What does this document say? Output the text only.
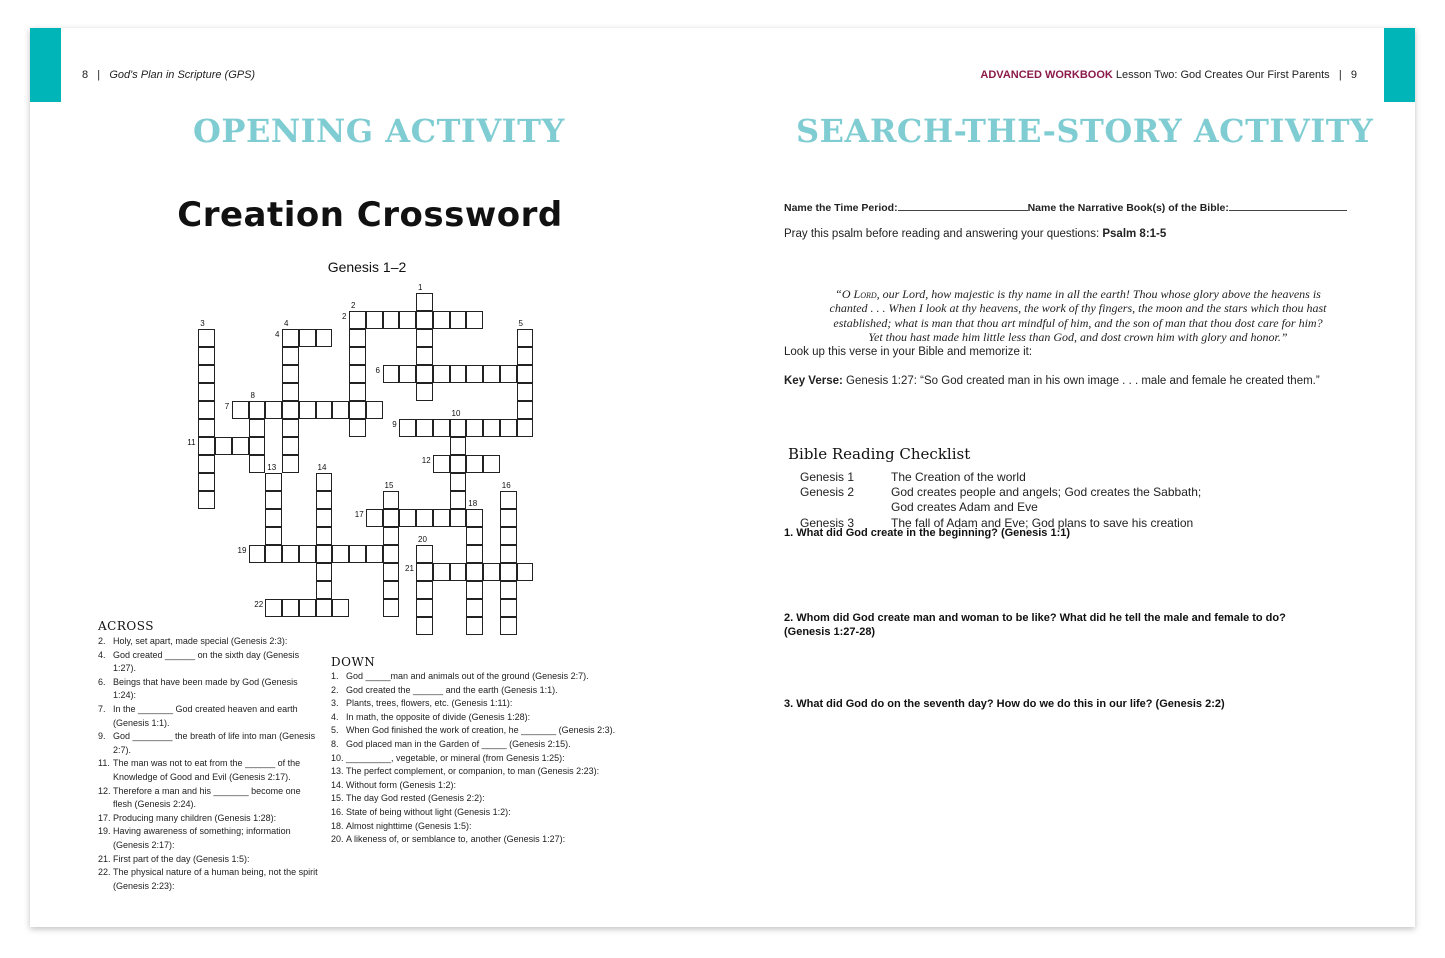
8 | God's Plan in Scripture (GPS)	ADVANCED WORKBOOK Lesson Two: God Creates Our First Parents | 9
OPENING ACTIVITY	SEARCH-THE-STORY ACTIVITY
Creation Crossword
Genesis 1–2
1
2
2
3
4
4	5
6
7
8
9
10
11
12
13	14
15	16
17
18
19
20
21
22
ACROSS
2. Holy, set apart, made special (Genesis 2:3):
4. God created ______ on the sixth day (Genesis 1:27).
6. Beings that have been made by God (Genesis 1:24):
7. In the _______ God created heaven and earth (Genesis 1:1).
9. God ________ the breath of life into man (Genesis 2:7).
11. The man was not to eat from the ______ of the Knowledge of Good and Evil (Genesis 2:17).
12. Therefore a man and his _______ become one flesh (Genesis 2:24).
17. Producing many children (Genesis 1:28):
19. Having awareness of something; information (Genesis 2:17):
21. First part of the day (Genesis 1:5):
22. The physical nature of a human being, not the spirit (Genesis 2:23):
DOWN
1. God _____man and animals out of the ground (Genesis 2:7).
2. God created the ______ and the earth (Genesis 1:1).
3. Plants, trees, flowers, etc. (Genesis 1:11):
4. In math, the opposite of divide (Genesis 1:28):
5. When God finished the work of creation, he _______ (Genesis 2:3).
8. God placed man in the Garden of _____ (Genesis 2:15).
10. _________, vegetable, or mineral (from Genesis 1:25):
13. The perfect complement, or companion, to man (Genesis 2:23):
14. Without form (Genesis 1:2):
15. The day God rested (Genesis 2:2):
16. State of being without light (Genesis 1:2):
18. Almost nighttime (Genesis 1:5):
20. A likeness of, or semblance to, another (Genesis 1:27):
Name the Time Period:	Name the Narrative Book(s) of the Bible:
Pray this psalm before reading and answering your questions: Psalm 8:1-5
“O Lord, our Lord, how majestic is thy name in all the earth! Thou whose glory above the heavens is chanted . . . When I look at thy heavens, the work of thy fingers, the moon and the stars which thou hast established; what is man that thou art mindful of him, and the son of man that thou dost care for him? Yet thou hast made him little less than God, and dost crown him with glory and honor.”
Look up this verse in your Bible and memorize it:
Key Verse: Genesis 1:27: “So God created man in his own image . . . male and female he created them.”
Bible Reading Checklist
Genesis 1	The Creation of the world
Genesis 2	God creates people and angels; God creates the Sabbath;
God creates Adam and Eve
Genesis 3	The fall of Adam and Eve; God plans to save his creation
1. What did God create in the beginning? (Genesis 1:1)
2. Whom did God create man and woman to be like? What did he tell the male and female to do? (Genesis 1:27-28)
3. What did God do on the seventh day? How do we do this in our life? (Genesis 2:2)
